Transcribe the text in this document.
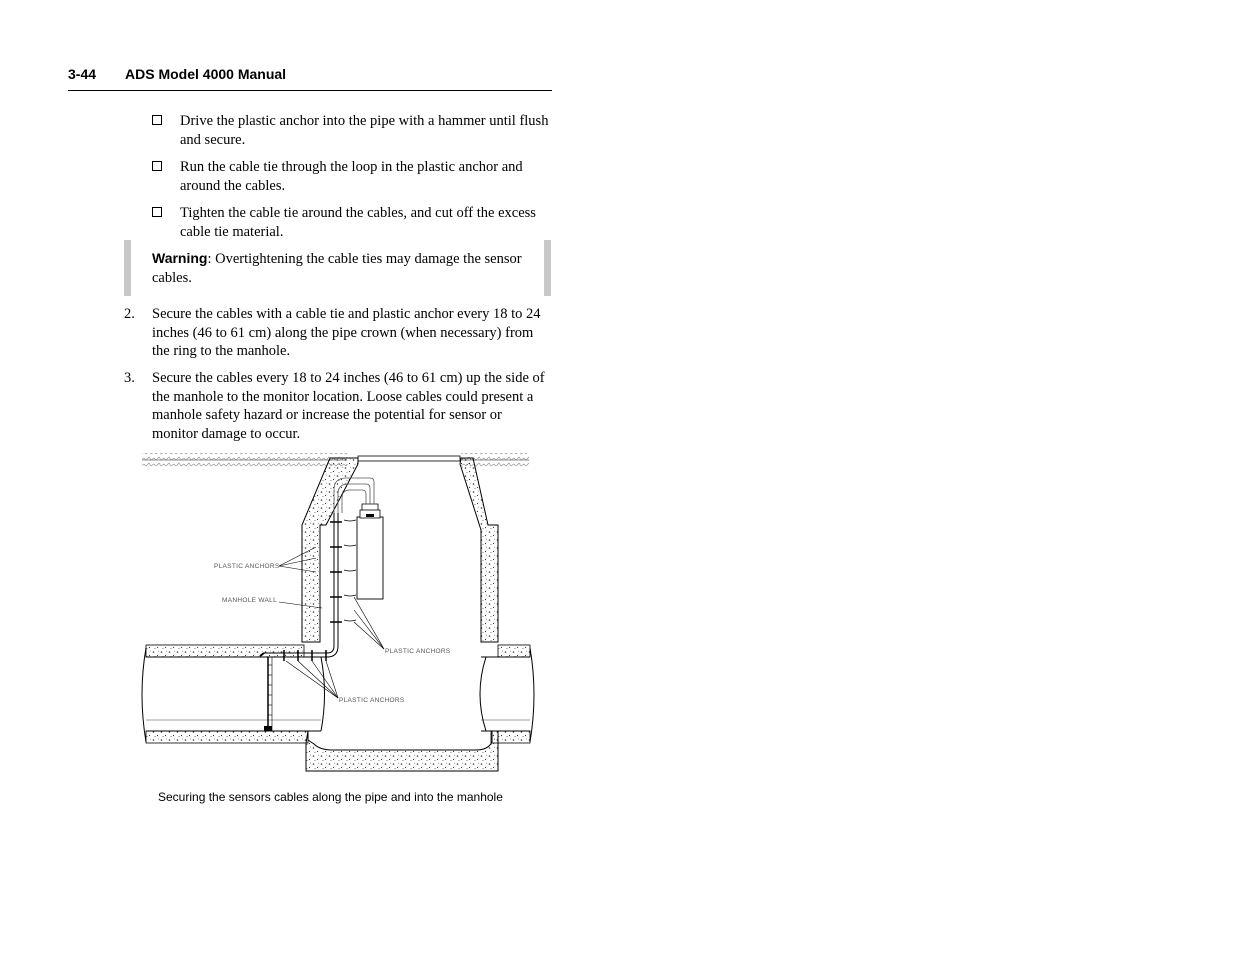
3-44 ADS Model 4000 Manual
Drive the plastic anchor into the pipe with a hammer until flush and secure.
Run the cable tie through the loop in the plastic anchor and around the cables.
Tighten the cable tie around the cables, and cut off the excess cable tie material.
Warning: Overtightening the cable ties may damage the sensor cables.
2. Secure the cables with a cable tie and plastic anchor every 18 to 24 inches (46 to 61 cm) along the pipe crown (when necessary) from the ring to the manhole.
3. Secure the cables every 18 to 24 inches (46 to 61 cm) up the side of the manhole to the monitor location. Loose cables could present a manhole safety hazard or increase the potential for sensor or monitor damage to occur.
PLASTIC ANCHORS
MANHOLE WALL
PLASTIC ANCHORS
PLASTIC ANCHORS
Securing the sensors cables along the pipe and into the manhole
